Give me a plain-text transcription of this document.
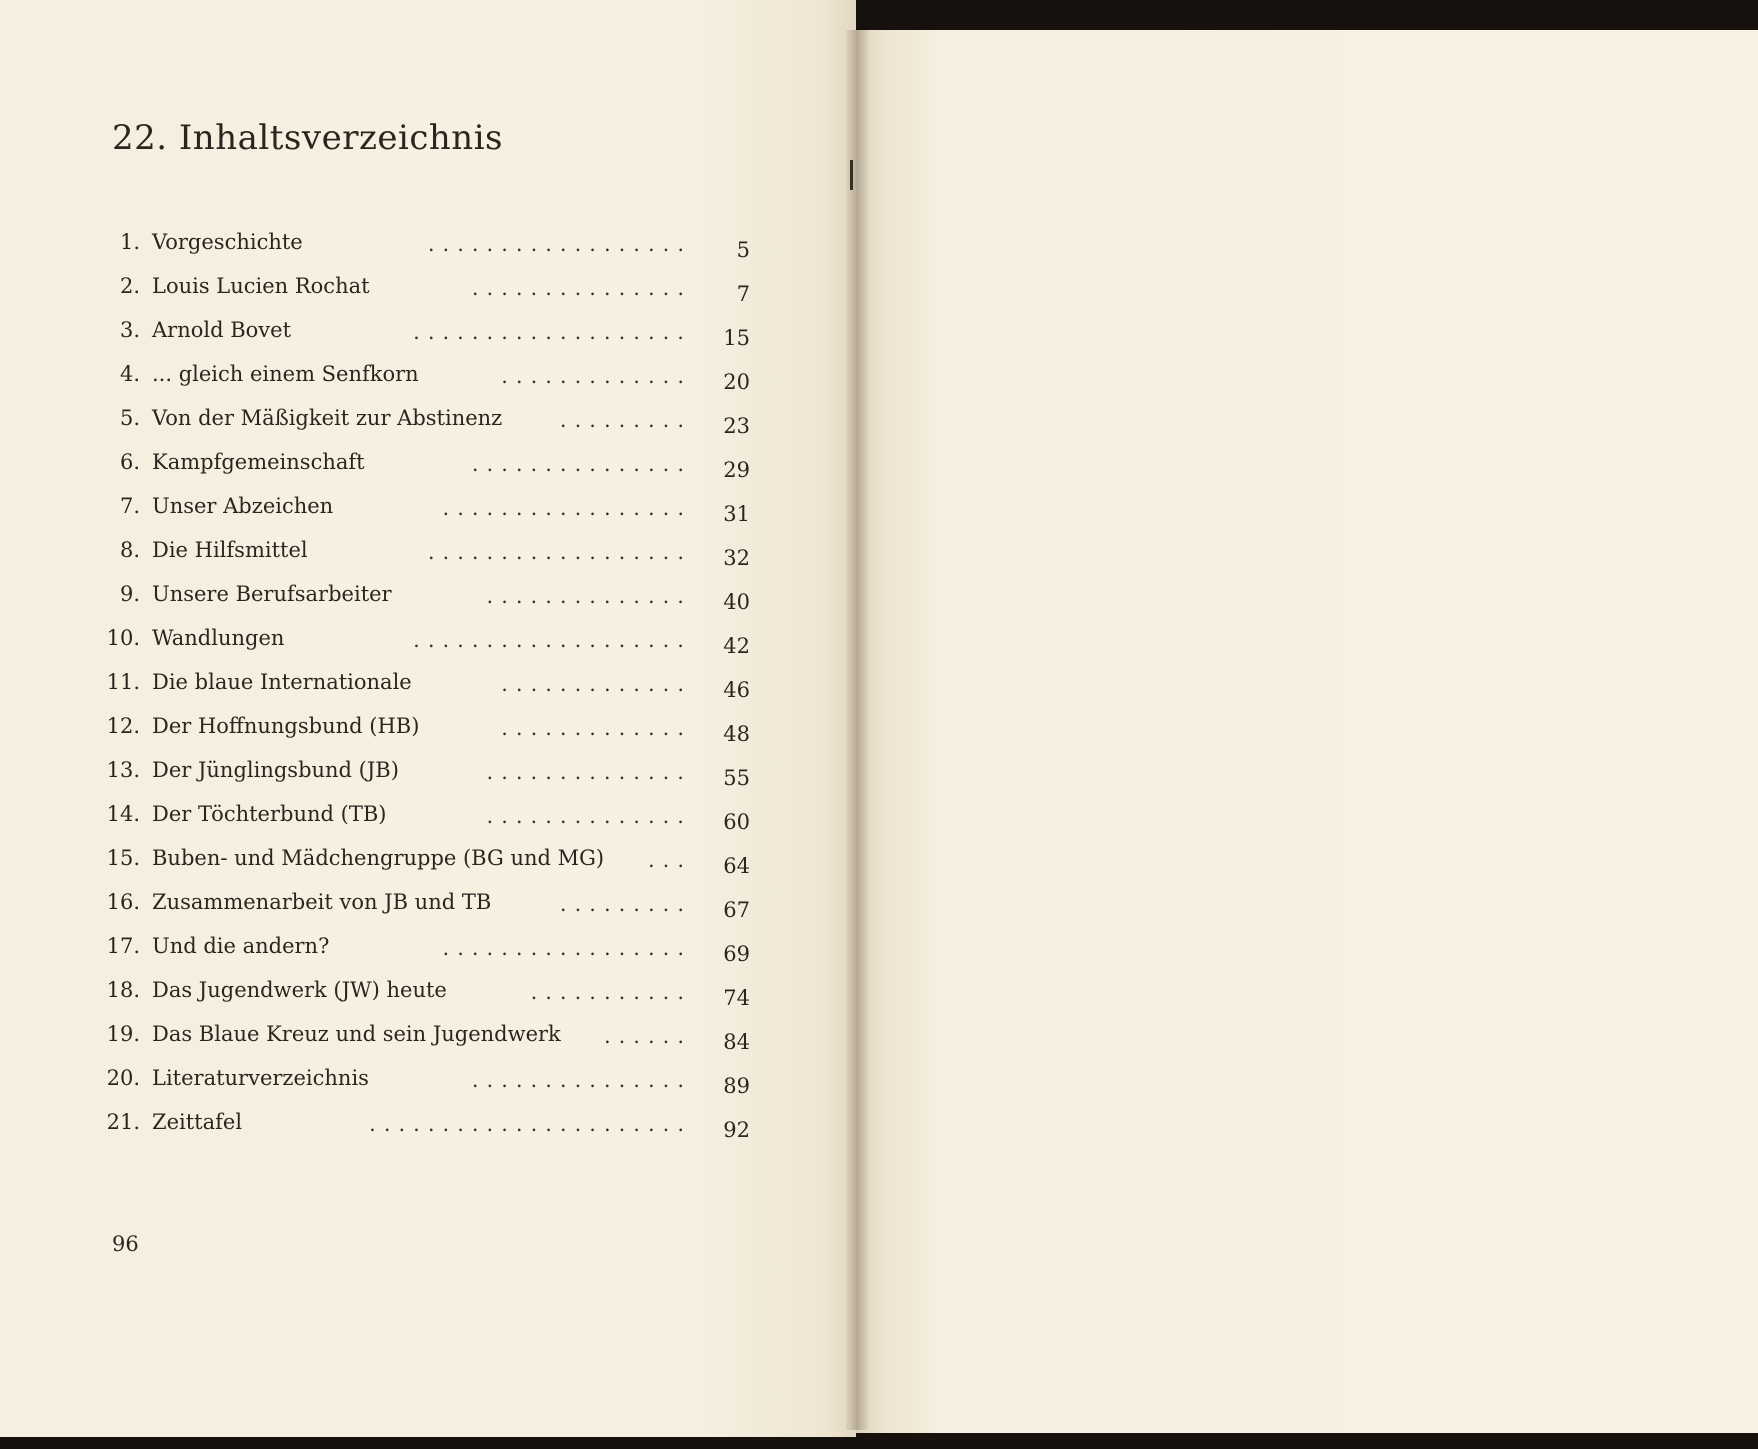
22. Inhaltsverzeichnis
1. Vorgeschichte	..................	5
2. Louis Lucien Rochat	...............	7
3. Arnold Bovet	...................	15
4. ... gleich einem Senfkorn	.............	20
5. Von der Mäßigkeit zur Abstinenz	.........	23
6. Kampfgemeinschaft	...............	29
7. Unser Abzeichen	.................	31
8. Die Hilfsmittel	..................	32
9. Unsere Berufsarbeiter	..............	40
10. Wandlungen	...................	42
11. Die blaue Internationale	.............	46
12. Der Hoffnungsbund (HB)	.............	48
13. Der Jünglingsbund (JB)	..............	55
14. Der Töchterbund (TB)	..............	60
15. Buben- und Mädchengruppe (BG und MG) ...	64
16. Zusammenarbeit von JB und TB	.........	67
17. Und die andern?	.................	69
18. Das Jugendwerk (JW) heute	...........	74
19. Das Blaue Kreuz und sein Jugendwerk ......	84
20. Literaturverzeichnis	...............	89
21. Zeittafel	......................	92
96
